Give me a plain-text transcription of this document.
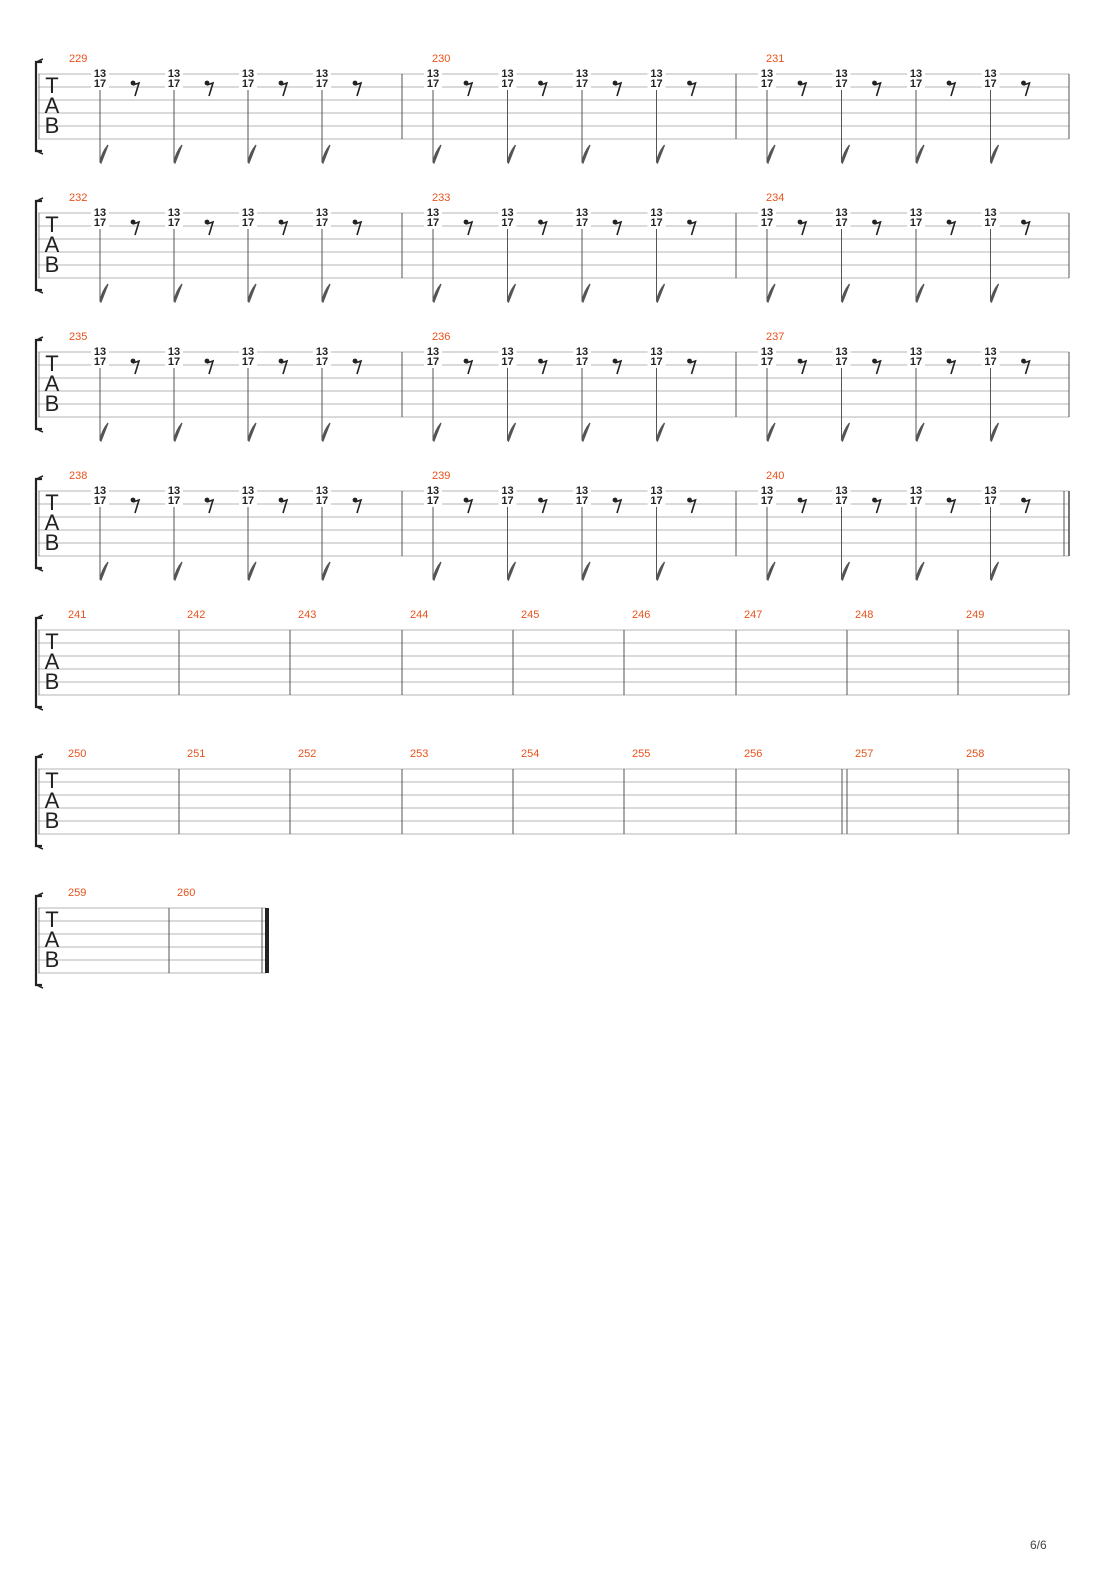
229
13
17
13
17
13
17
13
17
230
13
17
13
17
13
17
13
17
231
13
17
13
17
13
17
13
17
T
A
B
232
13
17
13
17
13
17
13
17
233
13
17
13
17
13
17
13
17
234
13
17
13
17
13
17
13
17
T
A
B
235
13
17
13
17
13
17
13
17
236
13
17
13
17
13
17
13
17
237
13
17
13
17
13
17
13
17
T
A
B
238
13
17
13
17
13
17
13
17
239
13
17
13
17
13
17
13
17
240
13
17
13
17
13
17
13
17
T
A
B
T
A
B
241	242	243	244	245	246	247	248	249
T
A
B
250	251	252	253	254	255	256	257	258
T
A
B
259	260
6/6
